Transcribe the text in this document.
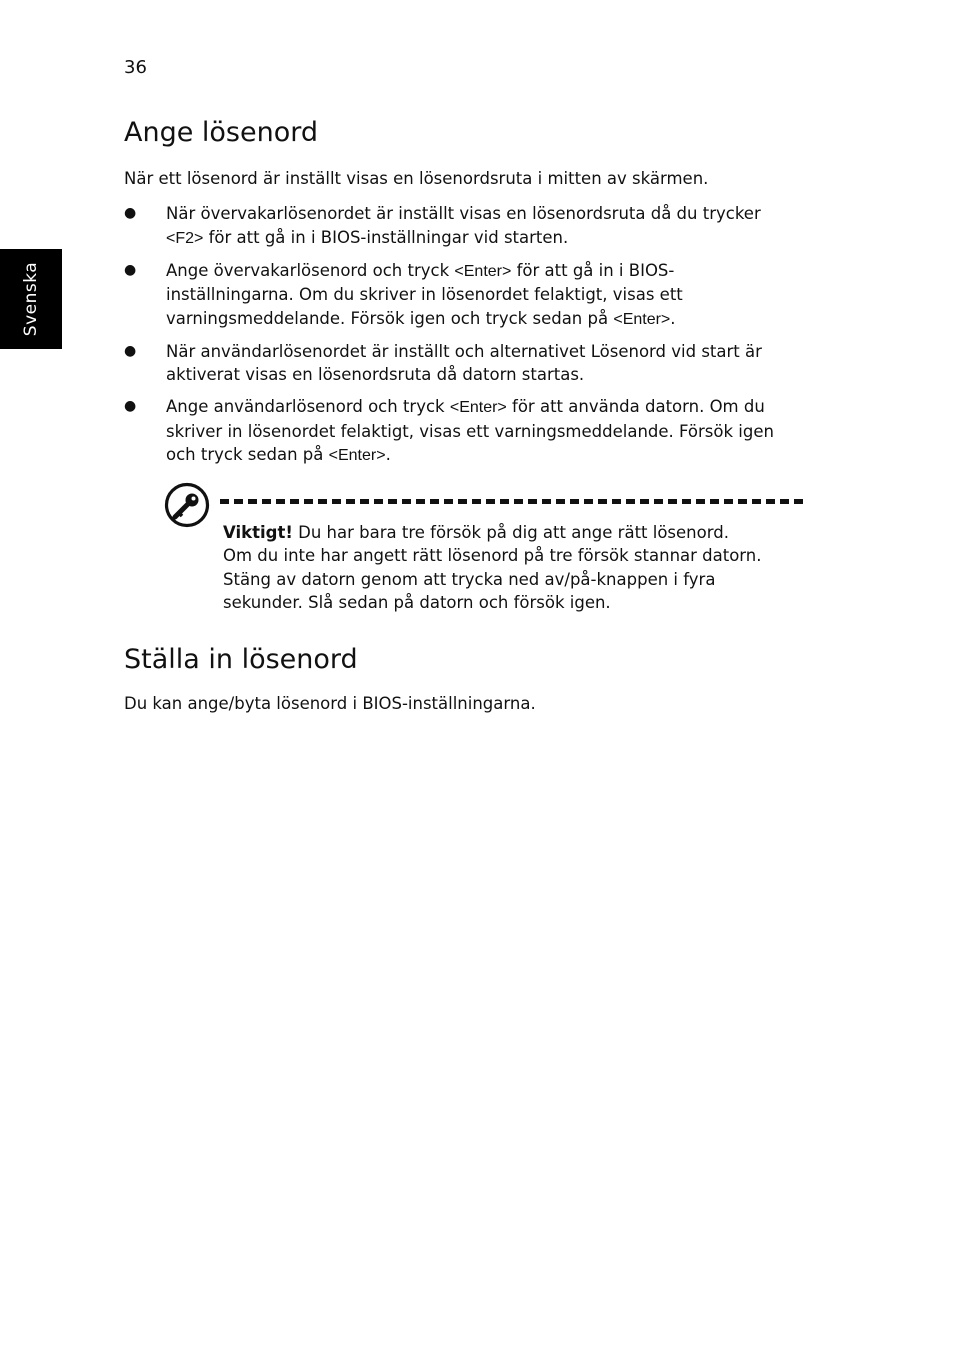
36
Svenska
Ange lösenord

När ett lösenord är inställt visas en lösenordsruta i mitten av skärmen.

● När övervakarlösenordet är inställt visas en lösenordsruta då du trycker
<F2> för att gå in i BIOS-inställningar vid starten.
● Ange övervakarlösenord och tryck <Enter> för att gå in i BIOS-
inställningarna. Om du skriver in lösenordet felaktigt, visas ett
varningsmeddelande. Försök igen och tryck sedan på <Enter>.
● När användarlösenordet är inställt och alternativet Lösenord vid start är
aktiverat visas en lösenordsruta då datorn startas.
● Ange användarlösenord och tryck <Enter> för att använda datorn. Om du
skriver in lösenordet felaktigt, visas ett varningsmeddelande. Försök igen
och tryck sedan på <Enter>.
Viktigt! Du har bara tre försök på dig att ange rätt lösenord.
Om du inte har angett rätt lösenord på tre försök stannar datorn.
Stäng av datorn genom att trycka ned av/på-knappen i fyra
sekunder. Slå sedan på datorn och försök igen.
Ställa in lösenord

Du kan ange/byta lösenord i BIOS-inställningarna.
